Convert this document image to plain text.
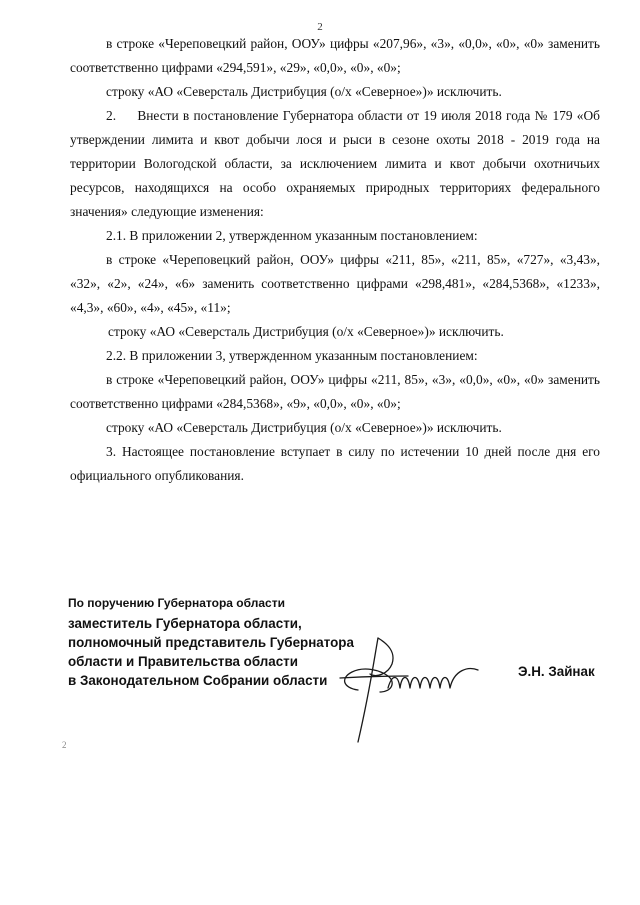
2

в строке «Череповецкий район, ООУ» цифры «207,96», «3», «0,0», «0», «0» заменить соответственно цифрами «294,591», «29», «0,0», «0», «0»;

строку «АО «Северсталь Дистрибуция (о/х «Северное»)» исключить.

2.     Внести в постановление Губернатора области от 19 июля 2018 года № 179 «Об утверждении лимита и квот добычи лося и рыси в сезоне охоты 2018 - 2019 года на территории Вологодской области, за исключением лимита и квот добычи охотничьих ресурсов, находящихся на особо охраняемых природных территориях федерального значения» следующие изменения:

2.1. В приложении 2, утвержденном указанным постановлением:

в строке «Череповецкий район, ООУ» цифры «211, 85», «211, 85», «727», «3,43», «32», «2», «24», «6» заменить соответственно цифрами «298,481», «284,5368», «1233», «4,3», «60», «4», «45», «11»;

строку «АО «Северсталь Дистрибуция (о/х «Северное»)» исключить.

2.2. В приложении 3, утвержденном указанным постановлением:

в строке «Череповецкий район, ООУ» цифры «211, 85», «3», «0,0», «0», «0» заменить соответственно цифрами «284,5368», «9», «0,0», «0», «0»;

строку «АО «Северсталь Дистрибуция (о/х «Северное»)» исключить.

3. Настоящее постановление вступает в силу по истечении 10 дней после дня его официального опубликования.

По поручению Губернатора области
заместитель Губернатора области,
полномочный представитель Губернатора
области и Правительства области
в Законодательном Собрании области
Э.Н. Зайнак
2
